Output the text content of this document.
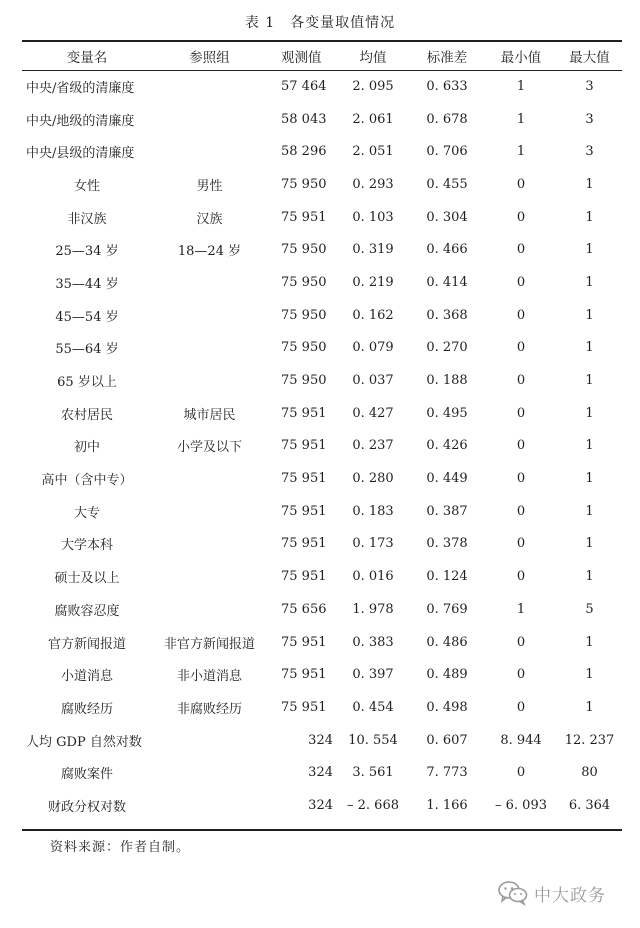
表 1　各变量取值情况
变量名	参照组	观测值	均值	标准差	最小值	最大值
中央/省级的清廉度		57 464	2. 095	0. 633	1	3
中央/地级的清廉度		58 043	2. 061	0. 678	1	3
中央/县级的清廉度		58 296	2. 051	0. 706	1	3
女性	男性	75 950	0. 293	0. 455	0	1
非汉族	汉族	75 951	0. 103	0. 304	0	1
25—34 岁	18—24 岁	75 950	0. 319	0. 466	0	1
35—44 岁		75 950	0. 219	0. 414	0	1
45—54 岁		75 950	0. 162	0. 368	0	1
55—64 岁		75 950	0. 079	0. 270	0	1
65 岁以上		75 950	0. 037	0. 188	0	1
农村居民	城市居民	75 951	0. 427	0. 495	0	1
初中	小学及以下	75 951	0. 237	0. 426	0	1
高中（含中专）		75 951	0. 280	0. 449	0	1
大专		75 951	0. 183	0. 387	0	1
大学本科		75 951	0. 173	0. 378	0	1
硕士及以上		75 951	0. 016	0. 124	0	1
腐败容忍度		75 656	1. 978	0. 769	1	5
官方新闻报道	非官方新闻报道	75 951	0. 383	0. 486	0	1
小道消息	非小道消息	75 951	0. 397	0. 489	0	1
腐败经历	非腐败经历	75 951	0. 454	0. 498	0	1
人均 GDP 自然对数		324	10. 554	0. 607	8. 944	12. 237
腐败案件		324	3. 561	7. 773	0	80
财政分权对数		324	– 2. 668	1. 166	– 6. 093	6. 364
资料来源：作者自制。
中大政务
